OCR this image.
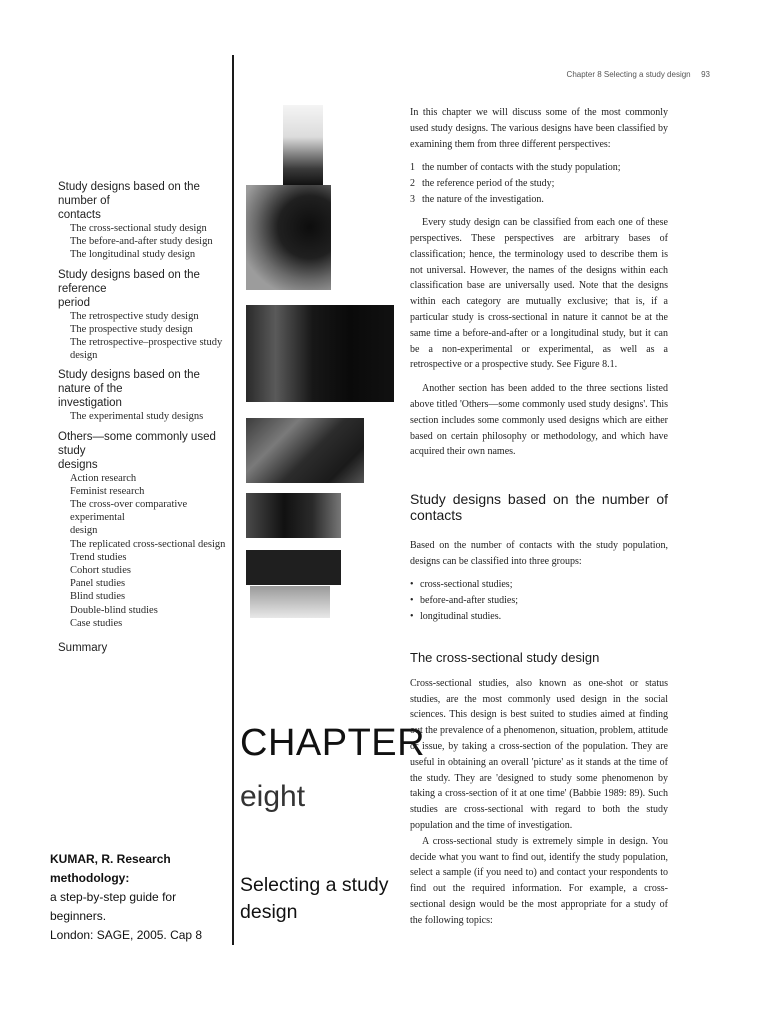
Study designs based on the number of
contacts
The cross-sectional study design
The before-and-after study design
The longitudinal study design
Study designs based on the reference
period
The retrospective study design
The prospective study design
The retrospective–prospective study
design
Study designs based on the nature of the
investigation
The experimental study designs
Others—some commonly used study
designs
Action research
Feminist research
The cross-over comparative experimental
design
The replicated cross-sectional design
Trend studies
Cohort studies
Panel studies
Blind studies
Double-blind studies
Case studies
Summary
KUMAR, R. Research methodology:
a step-by-step guide for beginners.
London: SAGE, 2005. Cap 8
CHAPTER
eight
Selecting a study
design
Chapter 8 Selecting a study design 93

In this chapter we will discuss some of the most commonly used study designs. The various designs have been classified by examining them from three different perspectives:

1 the number of contacts with the study population;
2 the reference period of the study;
3 the nature of the investigation.

Every study design can be classified from each one of these perspectives. These perspectives are arbitrary bases of classification; hence, the terminology used to describe them is not universal. However, the names of the designs within each classification base are universally used. Note that the designs within each category are mutually exclusive; that is, if a particular study is cross-sectional in nature it cannot be at the same time a before-and-after or a longitudinal study, but it can be a non-experimental or experimental, as well as a retrospective or a prospective study. See Figure 8.1.

Another section has been added to the three sections listed above titled 'Others—some commonly used study designs'. This section includes some commonly used designs which are either based on certain philosophy or methodology, and which have acquired their own names.

Study designs based on the number of contacts

Based on the number of contacts with the study population, designs can be classified into three groups:

• cross-sectional studies;
• before-and-after studies;
• longitudinal studies.

The cross-sectional study design

Cross-sectional studies, also known as one-shot or status studies, are the most commonly used design in the social sciences. This design is best suited to studies aimed at finding out the prevalence of a phenomenon, situation, problem, attitude or issue, by taking a cross-section of the population. They are useful in obtaining an overall 'picture' as it stands at the time of the study. They are 'designed to study some phenomenon by taking a cross-section of it at one time' (Babbie 1989: 89). Such studies are cross-sectional with regard to both the study population and the time of investigation.

A cross-sectional study is extremely simple in design. You decide what you want to find out, identify the study population, select a sample (if you need to) and contact your respondents to find out the required information. For example, a cross-sectional design would be the most appropriate for a study of the following topics:
